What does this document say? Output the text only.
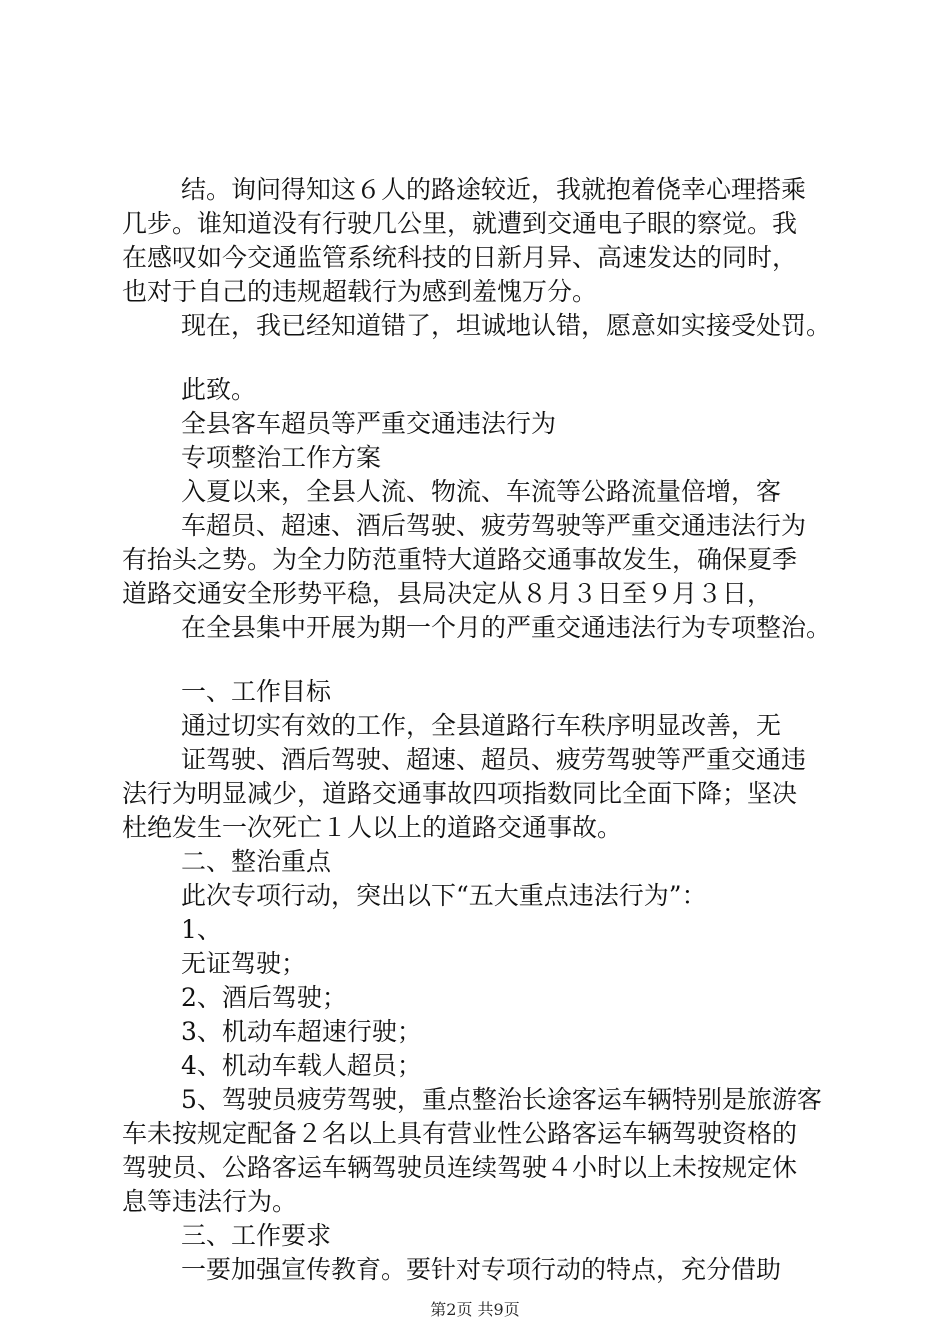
结。询问得知这６人的路途较近，我就抱着侥幸心理搭乘
几步。谁知道没有行驶几公里，就遭到交通电子眼的察觉。我
在感叹如今交通监管系统科技的日新月异、高速发达的同时，
也对于自己的违规超载行为感到羞愧万分。
现在，我已经知道错了，坦诚地认错，愿意如实接受处罚。
此致。
全县客车超员等严重交通违法行为
专项整治工作方案
入夏以来，全县人流、物流、车流等公路流量倍增，客
车超员、超速、酒后驾驶、疲劳驾驶等严重交通违法行为
有抬头之势。为全力防范重特大道路交通事故发生，确保夏季
道路交通安全形势平稳，县局决定从８月３日至９月３日，
在全县集中开展为期一个月的严重交通违法行为专项整治。
一、工作目标
通过切实有效的工作，全县道路行车秩序明显改善，无
证驾驶、酒后驾驶、超速、超员、疲劳驾驶等严重交通违
法行为明显减少，道路交通事故四项指数同比全面下降；坚决
杜绝发生一次死亡１人以上的道路交通事故。
二、整治重点
此次专项行动，突出以下“五大重点违法行为”：
1、
无证驾驶；
2、酒后驾驶；
3、机动车超速行驶；
4、机动车载人超员；
5、驾驶员疲劳驾驶，重点整治长途客运车辆特别是旅游客
车未按规定配备２名以上具有营业性公路客运车辆驾驶资格的
驾驶员、公路客运车辆驾驶员连续驾驶４小时以上未按规定休
息等违法行为。
三、工作要求
一要加强宣传教育。要针对专项行动的特点，充分借助
第2页 共9页
